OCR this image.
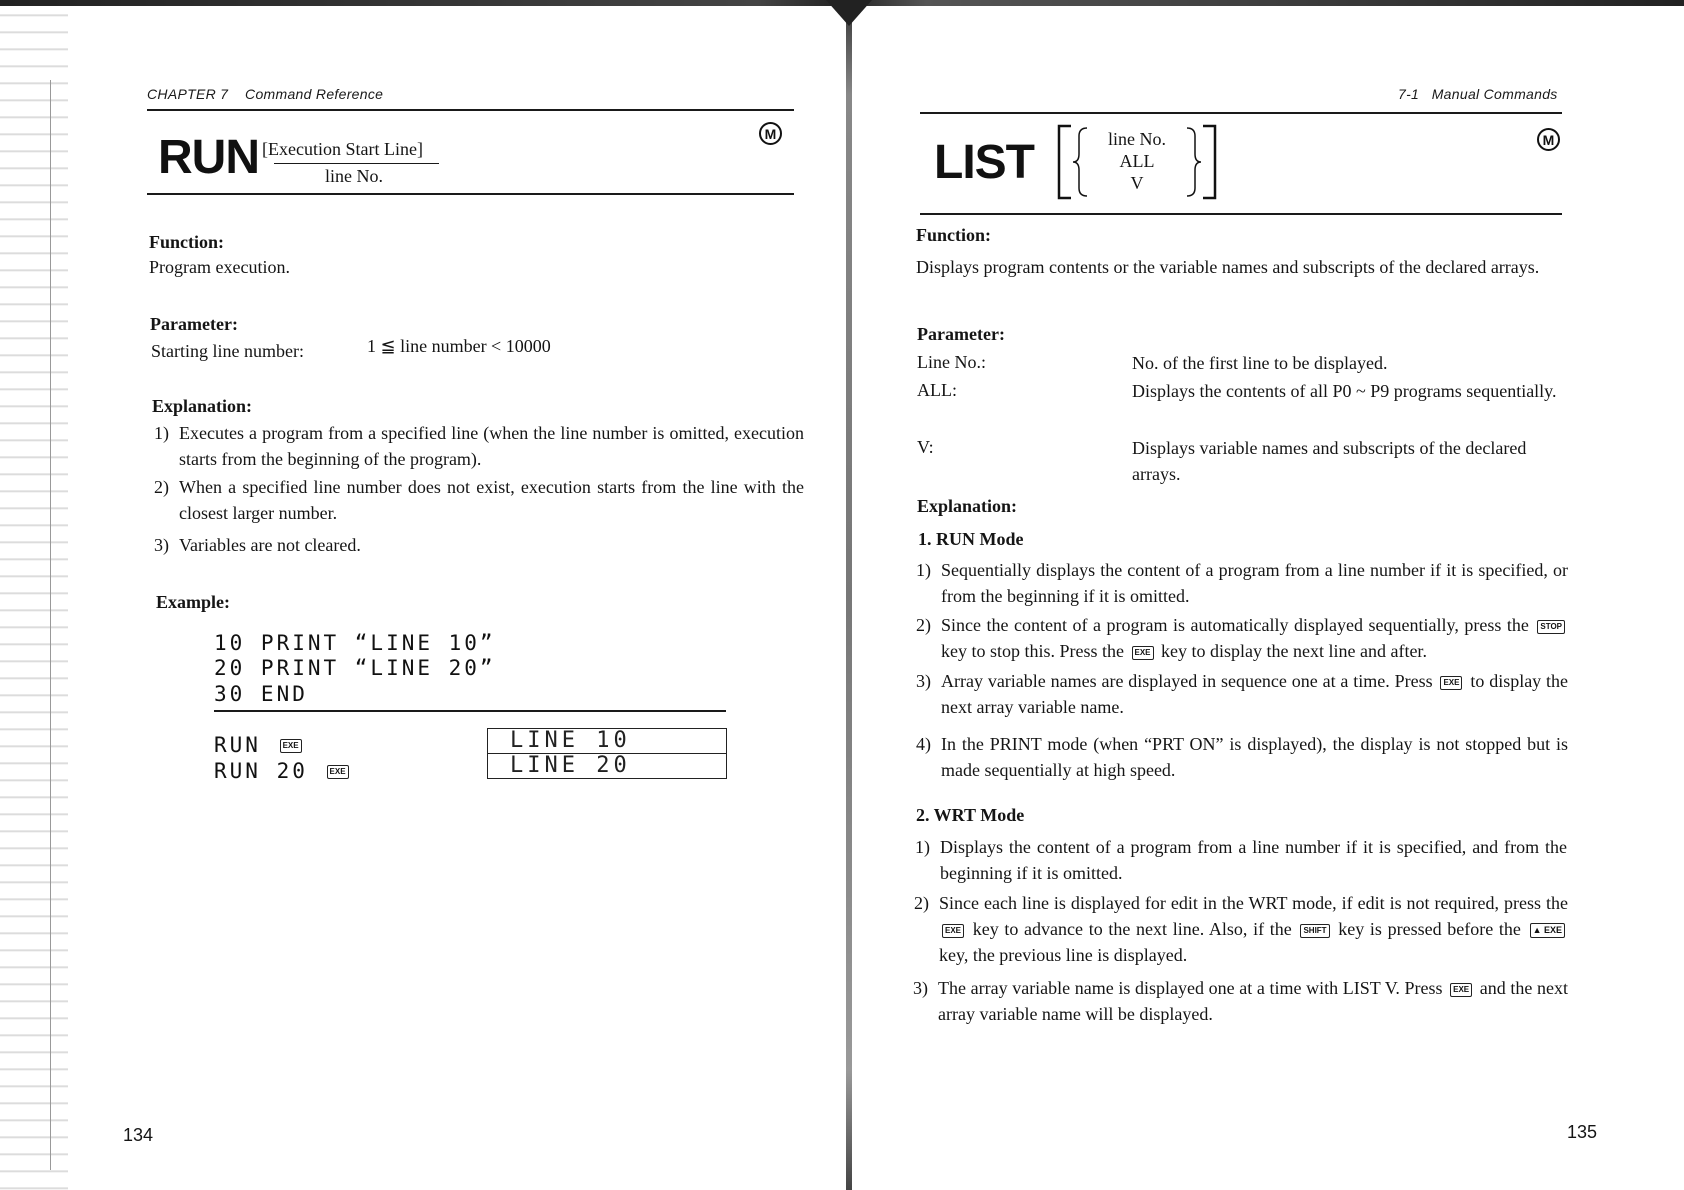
CHAPTER 7 Command Reference
RUN [Execution Start Line]
line No.
M
Function:
Program execution.
Parameter:
Starting line number:	1 ≦ line number < 10000
Explanation:
1) Executes a program from a specified line (when the line number is omitted, execution starts from the beginning of the program).
2) When a specified line number does not exist, execution starts from the line with the closest larger number.
3) Variables are not cleared.
Example:
10 PRINT “LINE 10”
20 PRINT “LINE 20”
30 END
RUN	EXE
RUN 20	EXE
LINE 10
LINE 20
134
7-1 Manual Commands
LIST	line No.
ALL
V
M
Function:
Displays program contents or the variable names and subscripts of the declared arrays.
Parameter:
Line No.:	No. of the first line to be displayed.
ALL:	Displays the contents of all P0 ~ P9 programs sequentially.
V:	Displays variable names and subscripts of the declared arrays.
Explanation:
1. RUN Mode
1) Sequentially displays the content of a program from a line number if it is specified, or from the beginning if it is omitted.
2) Since the content of a program is automatically displayed sequentially, press the STOP key to stop this. Press the EXE key to display the next line and after.
3) Array variable names are displayed in sequence one at a time. Press EXE to display the next array variable name.
4) In the PRINT mode (when “PRT ON” is displayed), the display is not stopped but is made sequentially at high speed.
2. WRT Mode
1) Displays the content of a program from a line number if it is specified, and from the beginning if it is omitted.
2) Since each line is displayed for edit in the WRT mode, if edit is not required, press the EXE key to advance to the next line. Also, if the SHIFT key is pressed before the ▲ EXE key, the previous line is displayed.
3) The array variable name is displayed one at a time with LIST V. Press EXE and the next array variable name will be displayed.
135
